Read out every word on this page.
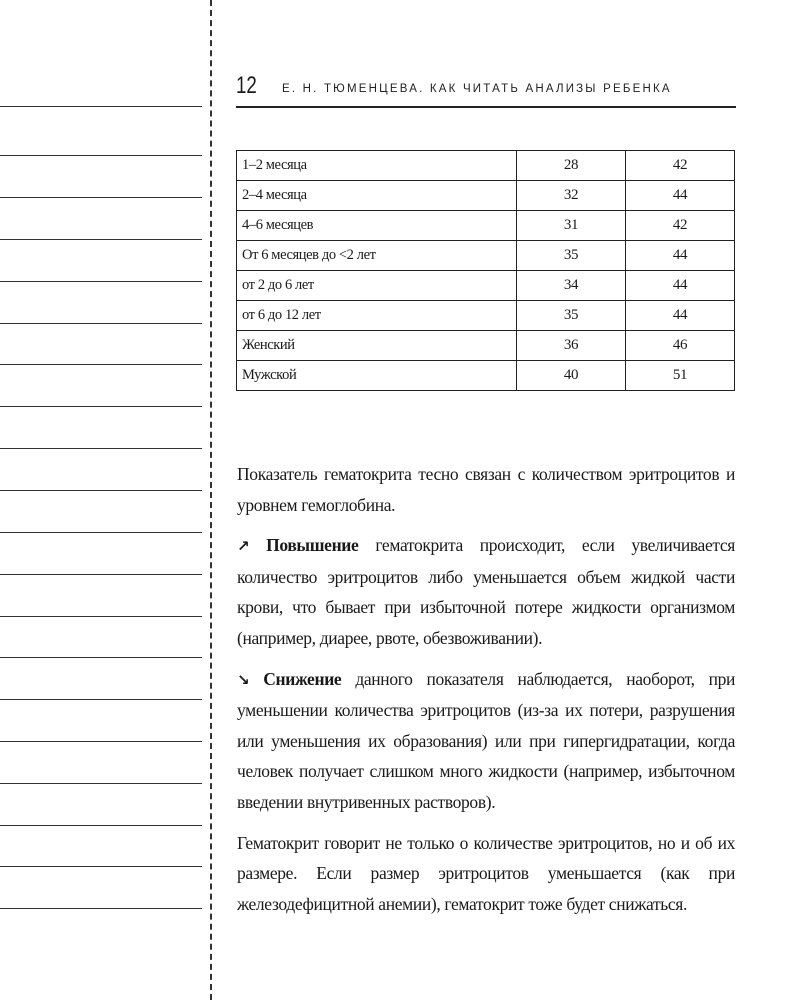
12 Е. Н. ТЮМЕНЦЕВА. КАК ЧИТАТЬ АНАЛИЗЫ РЕБЕНКА
1–2 месяца	28	42
2–4 месяца	32	44
4–6 месяцев	31	42
От 6 месяцев до <2 лет	35	44
от 2 до 6 лет	34	44
от 6 до 12 лет	35	44
Женский	36	46
Мужской	40	51

Показатель гематокрита тесно связан с количеством эритроцитов и уровнем гемоглобина.

↗ Повышение гематокрита происходит, если увеличивается количество эритроцитов либо уменьшается объем жидкой части крови, что бывает при избыточной потере жидкости организмом (например, диарее, рвоте, обезвоживании).

↘ Снижение данного показателя наблюдается, наоборот, при уменьшении количества эритроцитов (из-за их потери, разрушения или уменьшения их образования) или при гипергидратации, когда человек получает слишком много жидкости (например, избыточном введении внутривенных растворов).

Гематокрит говорит не только о количестве эритроцитов, но и об их размере. Если размер эритроцитов уменьшается (как при железодефицитной анемии), гематокрит тоже будет снижаться.
